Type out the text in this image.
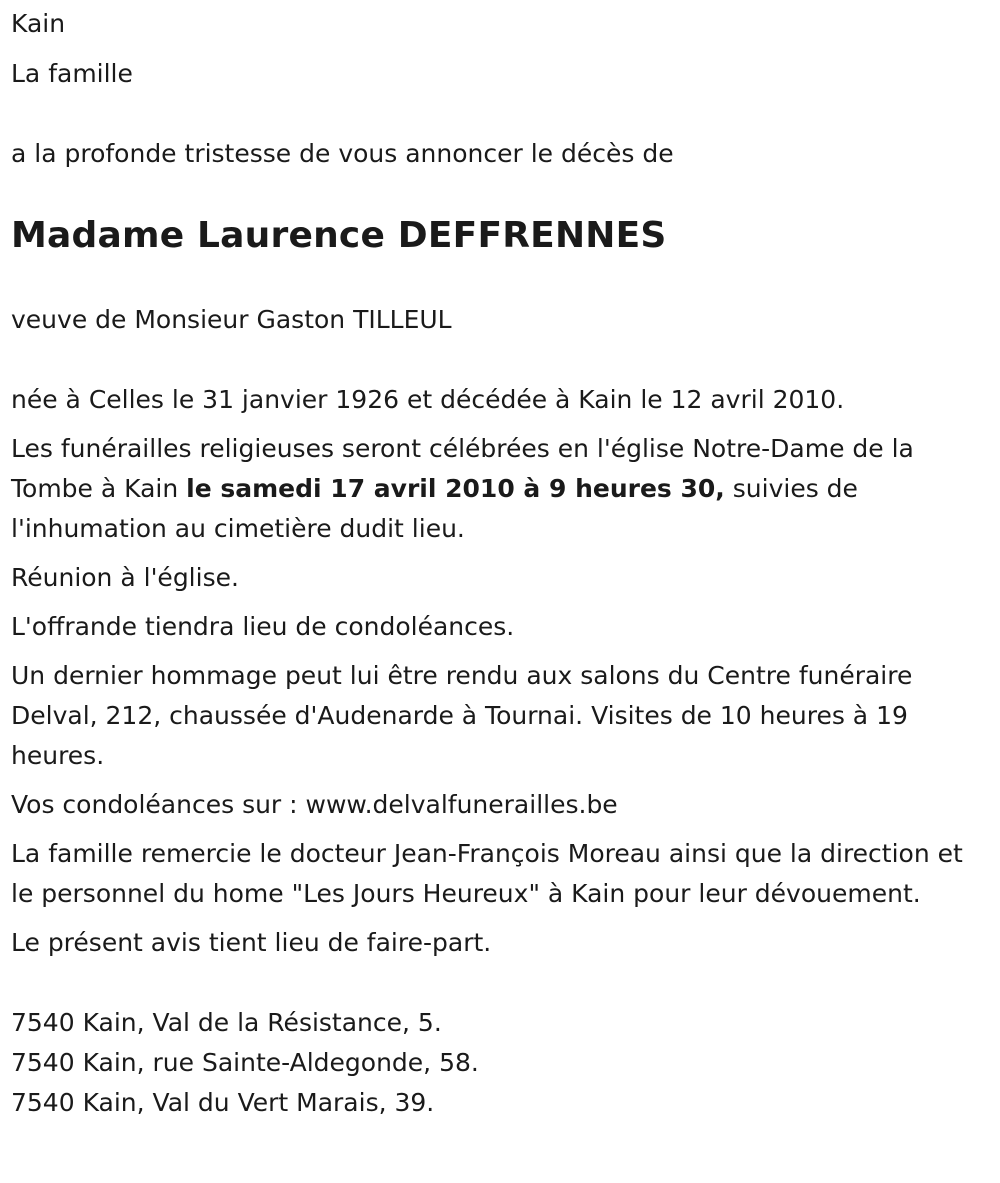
Kain

La famille

a la profonde tristesse de vous annoncer le décès de

Madame Laurence DEFFRENNES

veuve de Monsieur Gaston TILLEUL

née à Celles le 31 janvier 1926 et décédée à Kain le 12 avril 2010.

Les funérailles religieuses seront célébrées en l'église Notre-Dame de la Tombe à Kain le samedi 17 avril 2010 à 9 heures 30, suivies de l'inhumation au cimetière dudit lieu.

Réunion à l'église.

L'offrande tiendra lieu de condoléances.

Un dernier hommage peut lui être rendu aux salons du Centre funéraire Delval, 212, chaussée d'Audenarde à Tournai. Visites de 10 heures à 19 heures.

Vos condoléances sur : www.delvalfunerailles.be

La famille remercie le docteur Jean-François Moreau ainsi que la direction et le personnel du home "Les Jours Heureux" à Kain pour leur dévouement.

Le présent avis tient lieu de faire-part.

7540 Kain, Val de la Résistance, 5.

7540 Kain, rue Sainte-Aldegonde, 58.

7540 Kain, Val du Vert Marais, 39.
